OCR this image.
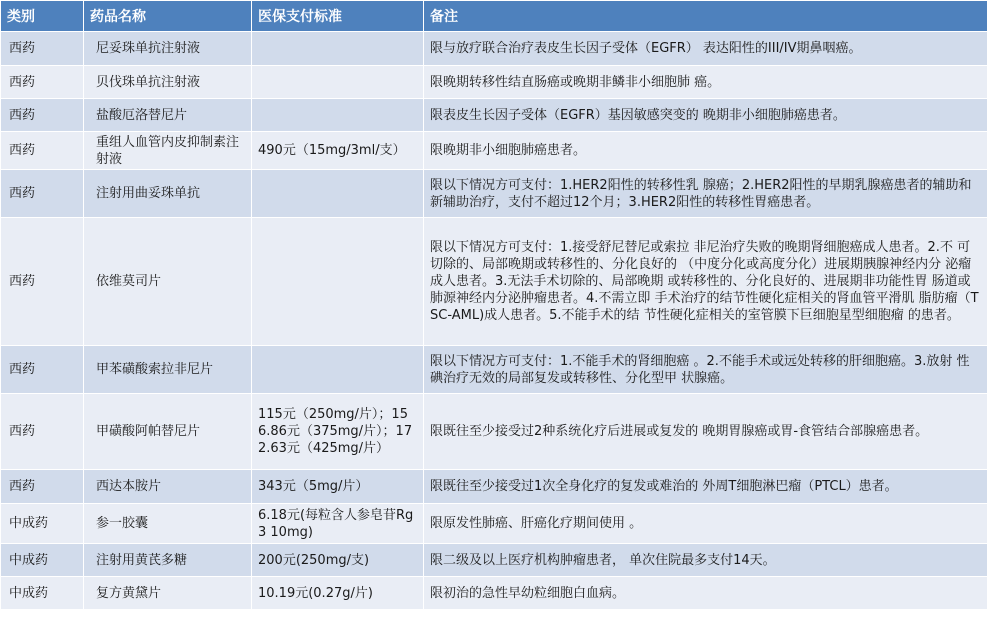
类别	药品名称	医保支付标准	备注
西药	尼妥珠单抗注射液		限与放疗联合治疗表皮生长因子受体（EGFR） 表达阳性的III/IV期鼻咽癌。
西药	贝伐珠单抗注射液		限晚期转移性结直肠癌或晚期非鳞非小细胞肺 癌。
西药	盐酸厄洛替尼片		限表皮生长因子受体（EGFR）基因敏感突变的 晚期非小细胞肺癌患者。
西药	重组人血管内皮抑制素注射液	490元（15mg/3ml/支）	限晚期非小细胞肺癌患者。
西药	注射用曲妥珠单抗		限以下情况方可支付：1.HER2阳性的转移性乳 腺癌；2.HER2阳性的早期乳腺癌患者的辅助和 新辅助治疗，支付不超过12个月；3.HER2阳性的转移性胃癌患者。
西药	依维莫司片		限以下情况方可支付：1.接受舒尼替尼或索拉 非尼治疗失败的晚期肾细胞癌成人患者。2.不 可切除的、局部晚期或转移性的、分化良好的 （中度分化或高度分化）进展期胰腺神经内分 泌瘤成人患者。3.无法手术切除的、局部晚期 或转移性的、分化良好的、进展期非功能性胃 肠道或肺源神经内分泌肿瘤患者。4.不需立即 手术治疗的结节性硬化症相关的肾血管平滑肌 脂肪瘤（TSC-AML)成人患者。5.不能手术的结 节性硬化症相关的室管膜下巨细胞星型细胞瘤 的患者。
西药	甲苯磺酸索拉非尼片		限以下情况方可支付：1.不能手术的肾细胞癌 。2.不能手术或远处转移的肝细胞癌。3.放射 性碘治疗无效的局部复发或转移性、分化型甲 状腺癌。
西药	甲磺酸阿帕替尼片	115元（250mg/片）；156.86元（375mg/片）；172.63元（425mg/片）	限既往至少接受过2种系统化疗后进展或复发的 晚期胃腺癌或胃-食管结合部腺癌患者。
西药	西达本胺片	343元（5mg/片）	限既往至少接受过1次全身化疗的复发或难治的 外周T细胞淋巴瘤（PTCL）患者。
中成药	参一胶囊	6.18元(每粒含人参皂苷Rg3 10mg)	限原发性肺癌、肝癌化疗期间使用 。
中成药	注射用黄芪多糖	200元(250mg/支)	限二级及以上医疗机构肿瘤患者， 单次住院最多支付14天。
中成药	复方黄黛片	10.19元(0.27g/片)	限初治的急性早幼粒细胞白血病。
